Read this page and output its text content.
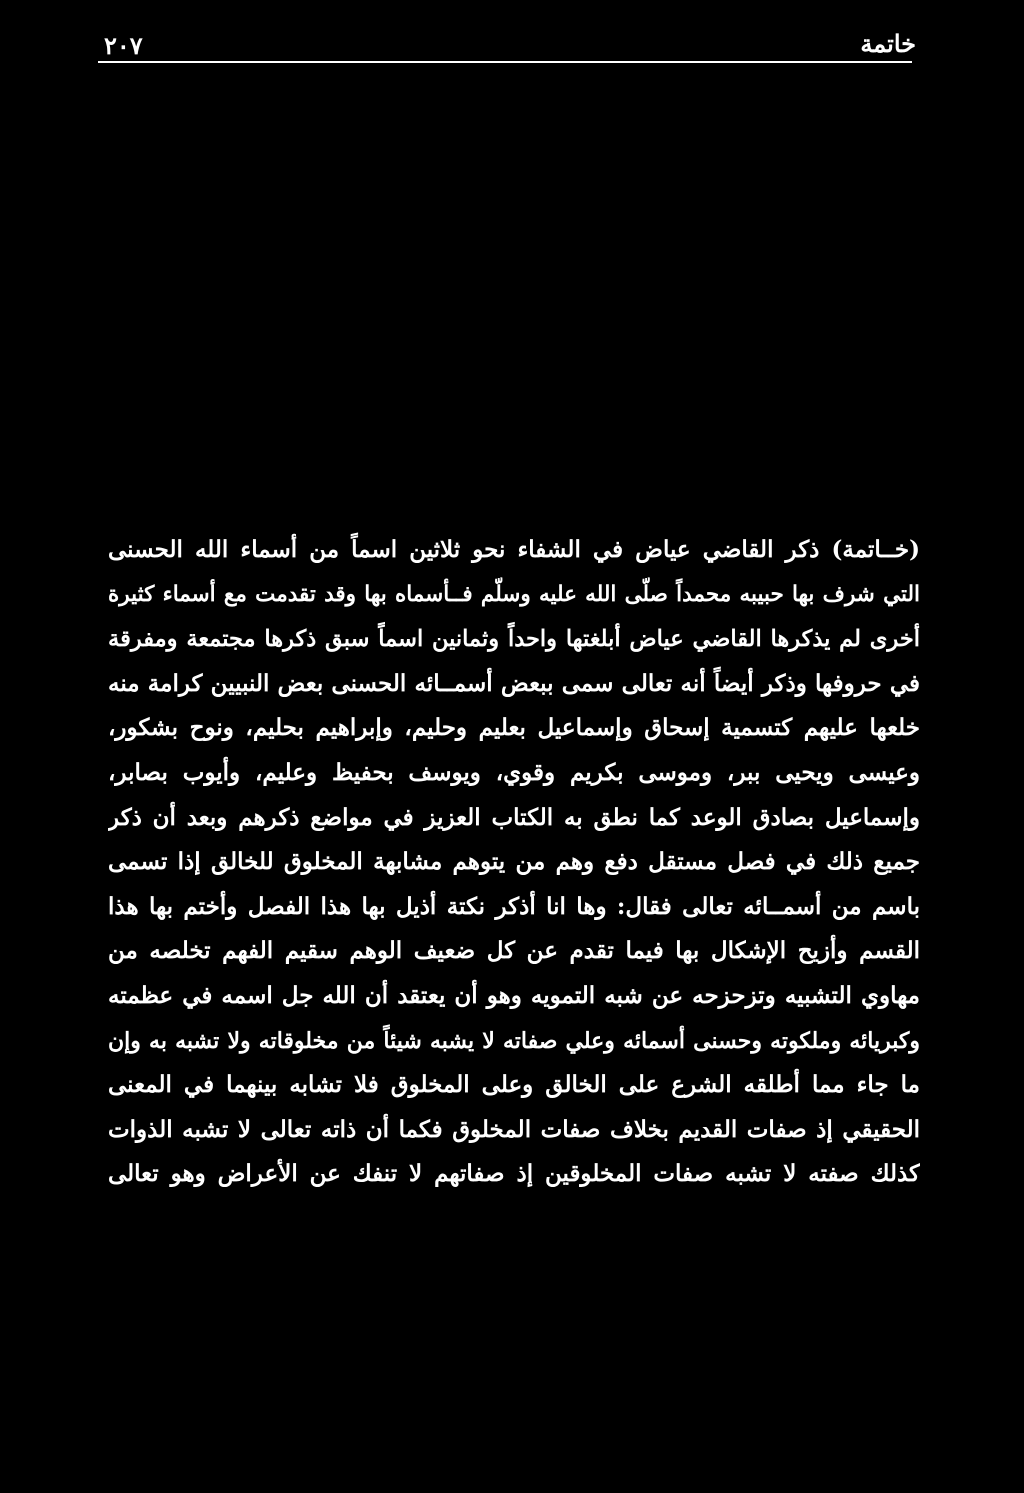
٢٠٧	خاتمة
(خــاتمة) ذكر القاضي عياض في الشفاء نحو ثلاثين اسماً من أسماء الله الحسنى
التي شرف بها حبيبه محمداً صلّى الله عليه وسلّم فــأسماه بها وقد تقدمت مع أسماء كثيرة
أخرى لم يذكرها القاضي عياض أبلغتها واحداً وثمانين اسماً سبق ذكرها مجتمعة ومفرقة
في حروفها وذكر أيضاً أنه تعالى سمى ببعض أسمــائه الحسنى بعض النبيين كرامة منه
خلعها عليهم كتسمية إسحاق وإسماعيل بعليم وحليم، وإبراهيم بحليم، ونوح بشكور،
وعيسى ويحيى ببر، وموسى بكريم وقوي، ويوسف بحفيظ وعليم، وأيوب بصابر،
وإسماعيل بصادق الوعد كما نطق به الكتاب العزيز في مواضع ذكرهم وبعد أن ذكر
جميع ذلك في فصل مستقل دفع وهم من يتوهم مشابهة المخلوق للخالق إذا تسمى
باسم من أسمــائه تعالى فقال: وها انا أذكر نكتة أذيل بها هذا الفصل وأختم بها هذا
القسم وأزيح الإشكال بها فيما تقدم عن كل ضعيف الوهم سقيم الفهم تخلصه من
مهاوي التشبيه وتزحزحه عن شبه التمويه وهو أن يعتقد أن الله جل اسمه في عظمته
وكبريائه وملكوته وحسنى أسمائه وعلي صفاته لا يشبه شيئاً من مخلوقاته ولا تشبه به وإن
ما جاء مما أطلقه الشرع على الخالق وعلى المخلوق فلا تشابه بينهما في المعنى
الحقيقي إذ صفات القديم بخلاف صفات المخلوق فكما أن ذاته تعالى لا تشبه الذوات
كذلك صفته لا تشبه صفات المخلوقين إذ صفاتهم لا تنفك عن الأعراض وهو تعالى
